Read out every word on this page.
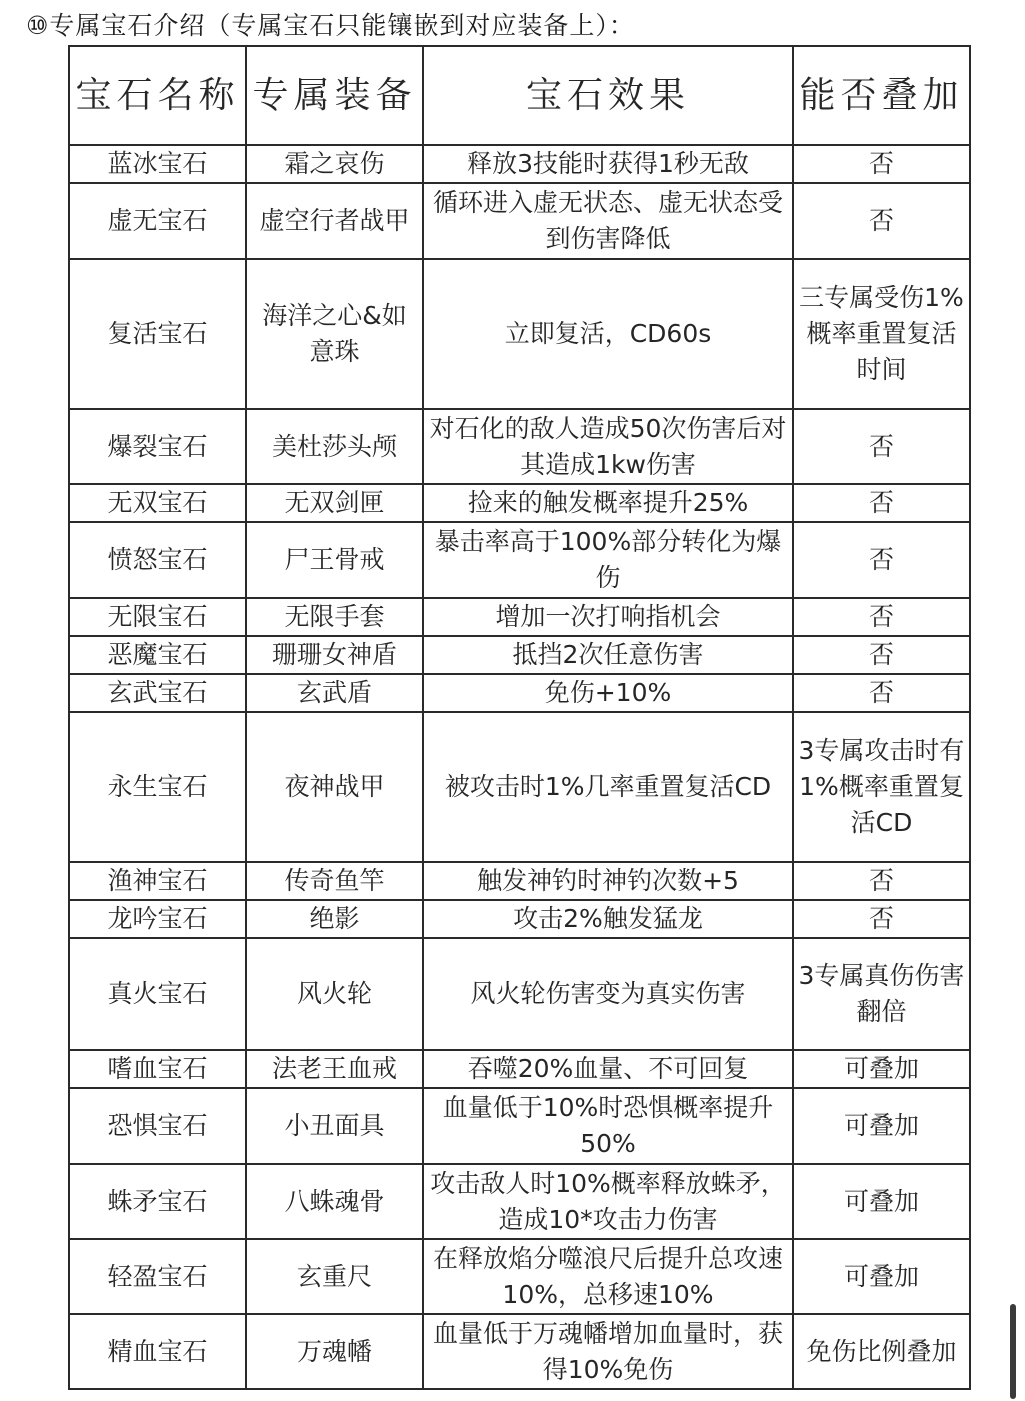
⑩专属宝石介绍（专属宝石只能镶嵌到对应装备上）：
宝石名称	专属装备	宝石效果	能否叠加
蓝冰宝石	霜之哀伤	释放3技能时获得1秒无敌	否
虚无宝石	虚空行者战甲	循环进入虚无状态、虚无状态受到伤害降低	否
复活宝石	海洋之心&如意珠	立即复活，CD60s	三专属受伤1%概率重置复活时间
爆裂宝石	美杜莎头颅	对石化的敌人造成50次伤害后对其造成1kw伤害	否
无双宝石	无双剑匣	捡来的触发概率提升25%	否
愤怒宝石	尸王骨戒	暴击率高于100%部分转化为爆伤	否
无限宝石	无限手套	增加一次打响指机会	否
恶魔宝石	珊珊女神盾	抵挡2次任意伤害	否
玄武宝石	玄武盾	免伤+10%	否
永生宝石	夜神战甲	被攻击时1%几率重置复活CD	3专属攻击时有1%概率重置复活CD
渔神宝石	传奇鱼竿	触发神钓时神钓次数+5	否
龙吟宝石	绝影	攻击2%触发猛龙	否
真火宝石	风火轮	风火轮伤害变为真实伤害	3专属真伤伤害翻倍
嗜血宝石	法老王血戒	吞噬20%血量、不可回复	可叠加
恐惧宝石	小丑面具	血量低于10%时恐惧概率提升50%	可叠加
蛛矛宝石	八蛛魂骨	攻击敌人时10%概率释放蛛矛，造成10*攻击力伤害	可叠加
轻盈宝石	玄重尺	在释放焰分噬浪尺后提升总攻速10%，总移速10%	可叠加
精血宝石	万魂幡	血量低于万魂幡增加血量时，获得10%免伤	免伤比例叠加
